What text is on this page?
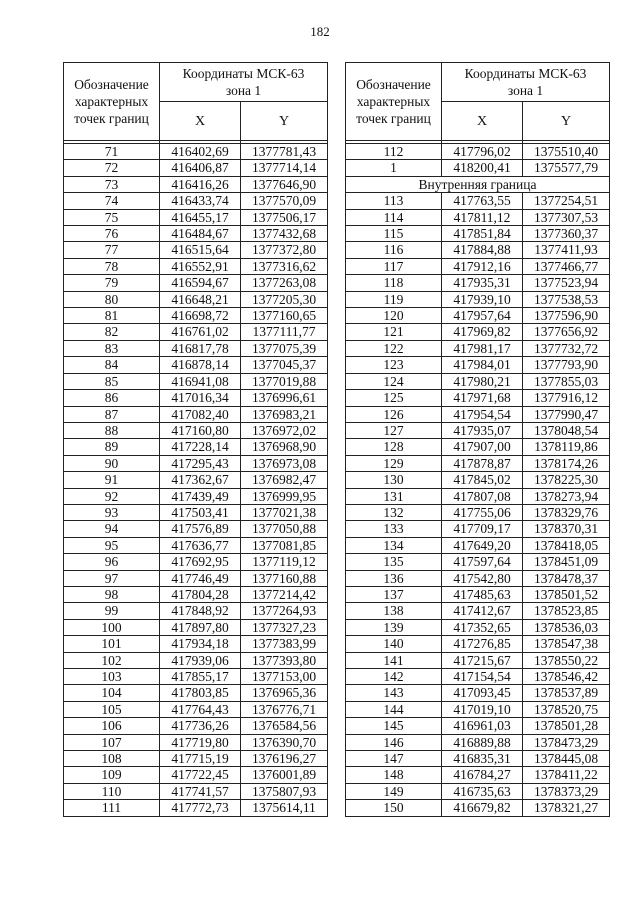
182
Обозначение
характерных
точек границ	Координаты МСК-63
зона 1	
	X	Y

71	416402,69	1377781,43
72	416406,87	1377714,14
73	416416,26	1377646,90
74	416433,74	1377570,09
75	416455,17	1377506,17
76	416484,67	1377432,68
77	416515,64	1377372,80
78	416552,91	1377316,62
79	416594,67	1377263,08
80	416648,21	1377205,30
81	416698,72	1377160,65
82	416761,02	1377111,77
83	416817,78	1377075,39
84	416878,14	1377045,37
85	416941,08	1377019,88
86	417016,34	1376996,61
87	417082,40	1376983,21
88	417160,80	1376972,02
89	417228,14	1376968,90
90	417295,43	1376973,08
91	417362,67	1376982,47
92	417439,49	1376999,95
93	417503,41	1377021,38
94	417576,89	1377050,88
95	417636,77	1377081,85
96	417692,95	1377119,12
97	417746,49	1377160,88
98	417804,28	1377214,42
99	417848,92	1377264,93
100	417897,80	1377327,23
101	417934,18	1377383,99
102	417939,06	1377393,80
103	417855,17	1377153,00
104	417803,85	1376965,36
105	417764,43	1376776,71
106	417736,26	1376584,56
107	417719,80	1376390,70
108	417715,19	1376196,27
109	417722,45	1376001,89
110	417741,57	1375807,93
111	417772,73	1375614,11
Обозначение
характерных
точек границ	Координаты МСК-63
зона 1	
	X	Y

112	417796,02	1375510,40
1	418200,41	1375577,79
Внутренняя граница		
113	417763,55	1377254,51
114	417811,12	1377307,53
115	417851,84	1377360,37
116	417884,88	1377411,93
117	417912,16	1377466,77
118	417935,31	1377523,94
119	417939,10	1377538,53
120	417957,64	1377596,90
121	417969,82	1377656,92
122	417981,17	1377732,72
123	417984,01	1377793,90
124	417980,21	1377855,03
125	417971,68	1377916,12
126	417954,54	1377990,47
127	417935,07	1378048,54
128	417907,00	1378119,86
129	417878,87	1378174,26
130	417845,02	1378225,30
131	417807,08	1378273,94
132	417755,06	1378329,76
133	417709,17	1378370,31
134	417649,20	1378418,05
135	417597,64	1378451,09
136	417542,80	1378478,37
137	417485,63	1378501,52
138	417412,67	1378523,85
139	417352,65	1378536,03
140	417276,85	1378547,38
141	417215,67	1378550,22
142	417154,54	1378546,42
143	417093,45	1378537,89
144	417019,10	1378520,75
145	416961,03	1378501,28
146	416889,88	1378473,29
147	416835,31	1378445,08
148	416784,27	1378411,22
149	416735,63	1378373,29
150	416679,82	1378321,27
